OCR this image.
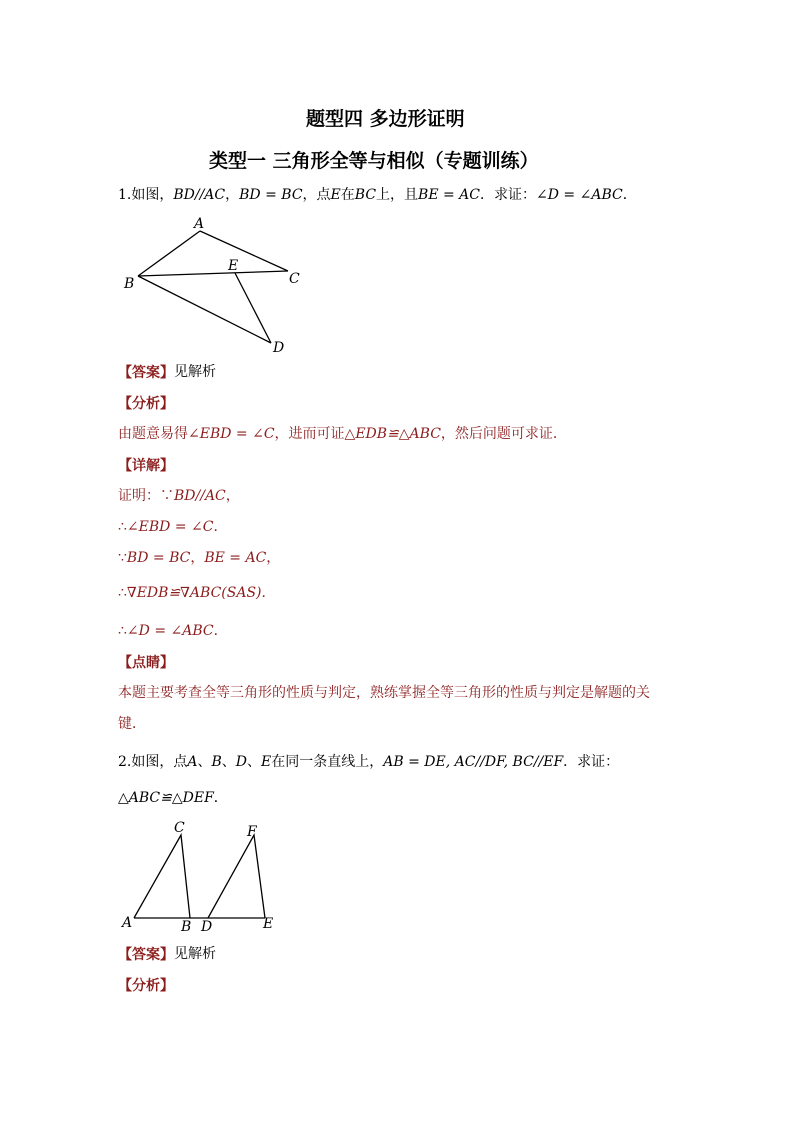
题型四 多边形证明
类型一 三角形全等与相似（专题训练）
1.如图，BD//AC，BD = BC，点E在BC上，且BE = AC．求证：∠D = ∠ABC．
A
B	C
D
E
【答案】 见解析
【分析】
由题意易得∠EBD = ∠C，进而可证△EDB≌△ABC，然后问题可求证．
【详解】
证明：∵BD//AC，
∴∠EBD = ∠C．
∵BD = BC，BE = AC，
∴∇EDB≌∇ABC(SAS)．
∴∠D = ∠ABC．
【点睛】
本题主要考查全等三角形的性质与判定，熟练掌握全等三角形的性质与判定是解题的关
键．
2.如图，点A、B、D、E在同一条直线上，AB = DE, AC//DF, BC//EF．求证：
△ABC≌△DEF．
A	B
C
D	E
F
【答案】 见解析
【分析】
